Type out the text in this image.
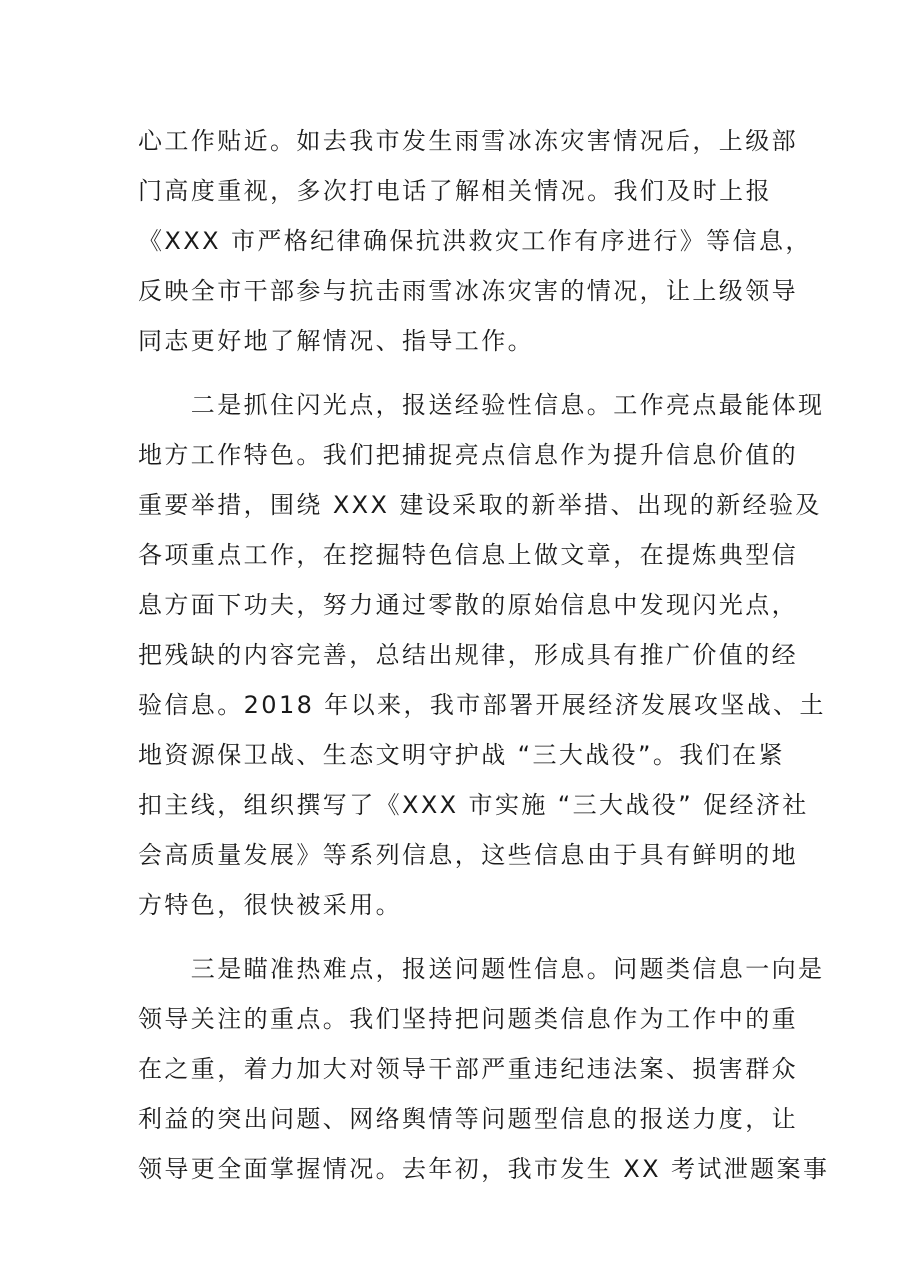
心工作贴近。如去我市发生雨雪冰冻灾害情况后，上级部
门高度重视，多次打电话了解相关情况。我们及时上报
《XXX 市严格纪律确保抗洪救灾工作有序进行》等信息，
反映全市干部参与抗击雨雪冰冻灾害的情况，让上级领导
同志更好地了解情况、指导工作。
　　二是抓住闪光点，报送经验性信息。工作亮点最能体现
地方工作特色。我们把捕捉亮点信息作为提升信息价值的
重要举措，围绕 XXX 建设采取的新举措、出现的新经验及
各项重点工作，在挖掘特色信息上做文章，在提炼典型信
息方面下功夫，努力通过零散的原始信息中发现闪光点，
把残缺的内容完善，总结出规律，形成具有推广价值的经
验信息。2018 年以来，我市部署开展经济发展攻坚战、土
地资源保卫战、生态文明守护战 “三大战役”。我们在紧
扣主线，组织撰写了《XXX 市实施 “三大战役” 促经济社
会高质量发展》等系列信息，这些信息由于具有鲜明的地
方特色，很快被采用。
　　三是瞄准热难点，报送问题性信息。问题类信息一向是
领导关注的重点。我们坚持把问题类信息作为工作中的重
在之重，着力加大对领导干部严重违纪违法案、损害群众
利益的突出问题、网络舆情等问题型信息的报送力度，让
领导更全面掌握情况。去年初，我市发生 XX 考试泄题案事
